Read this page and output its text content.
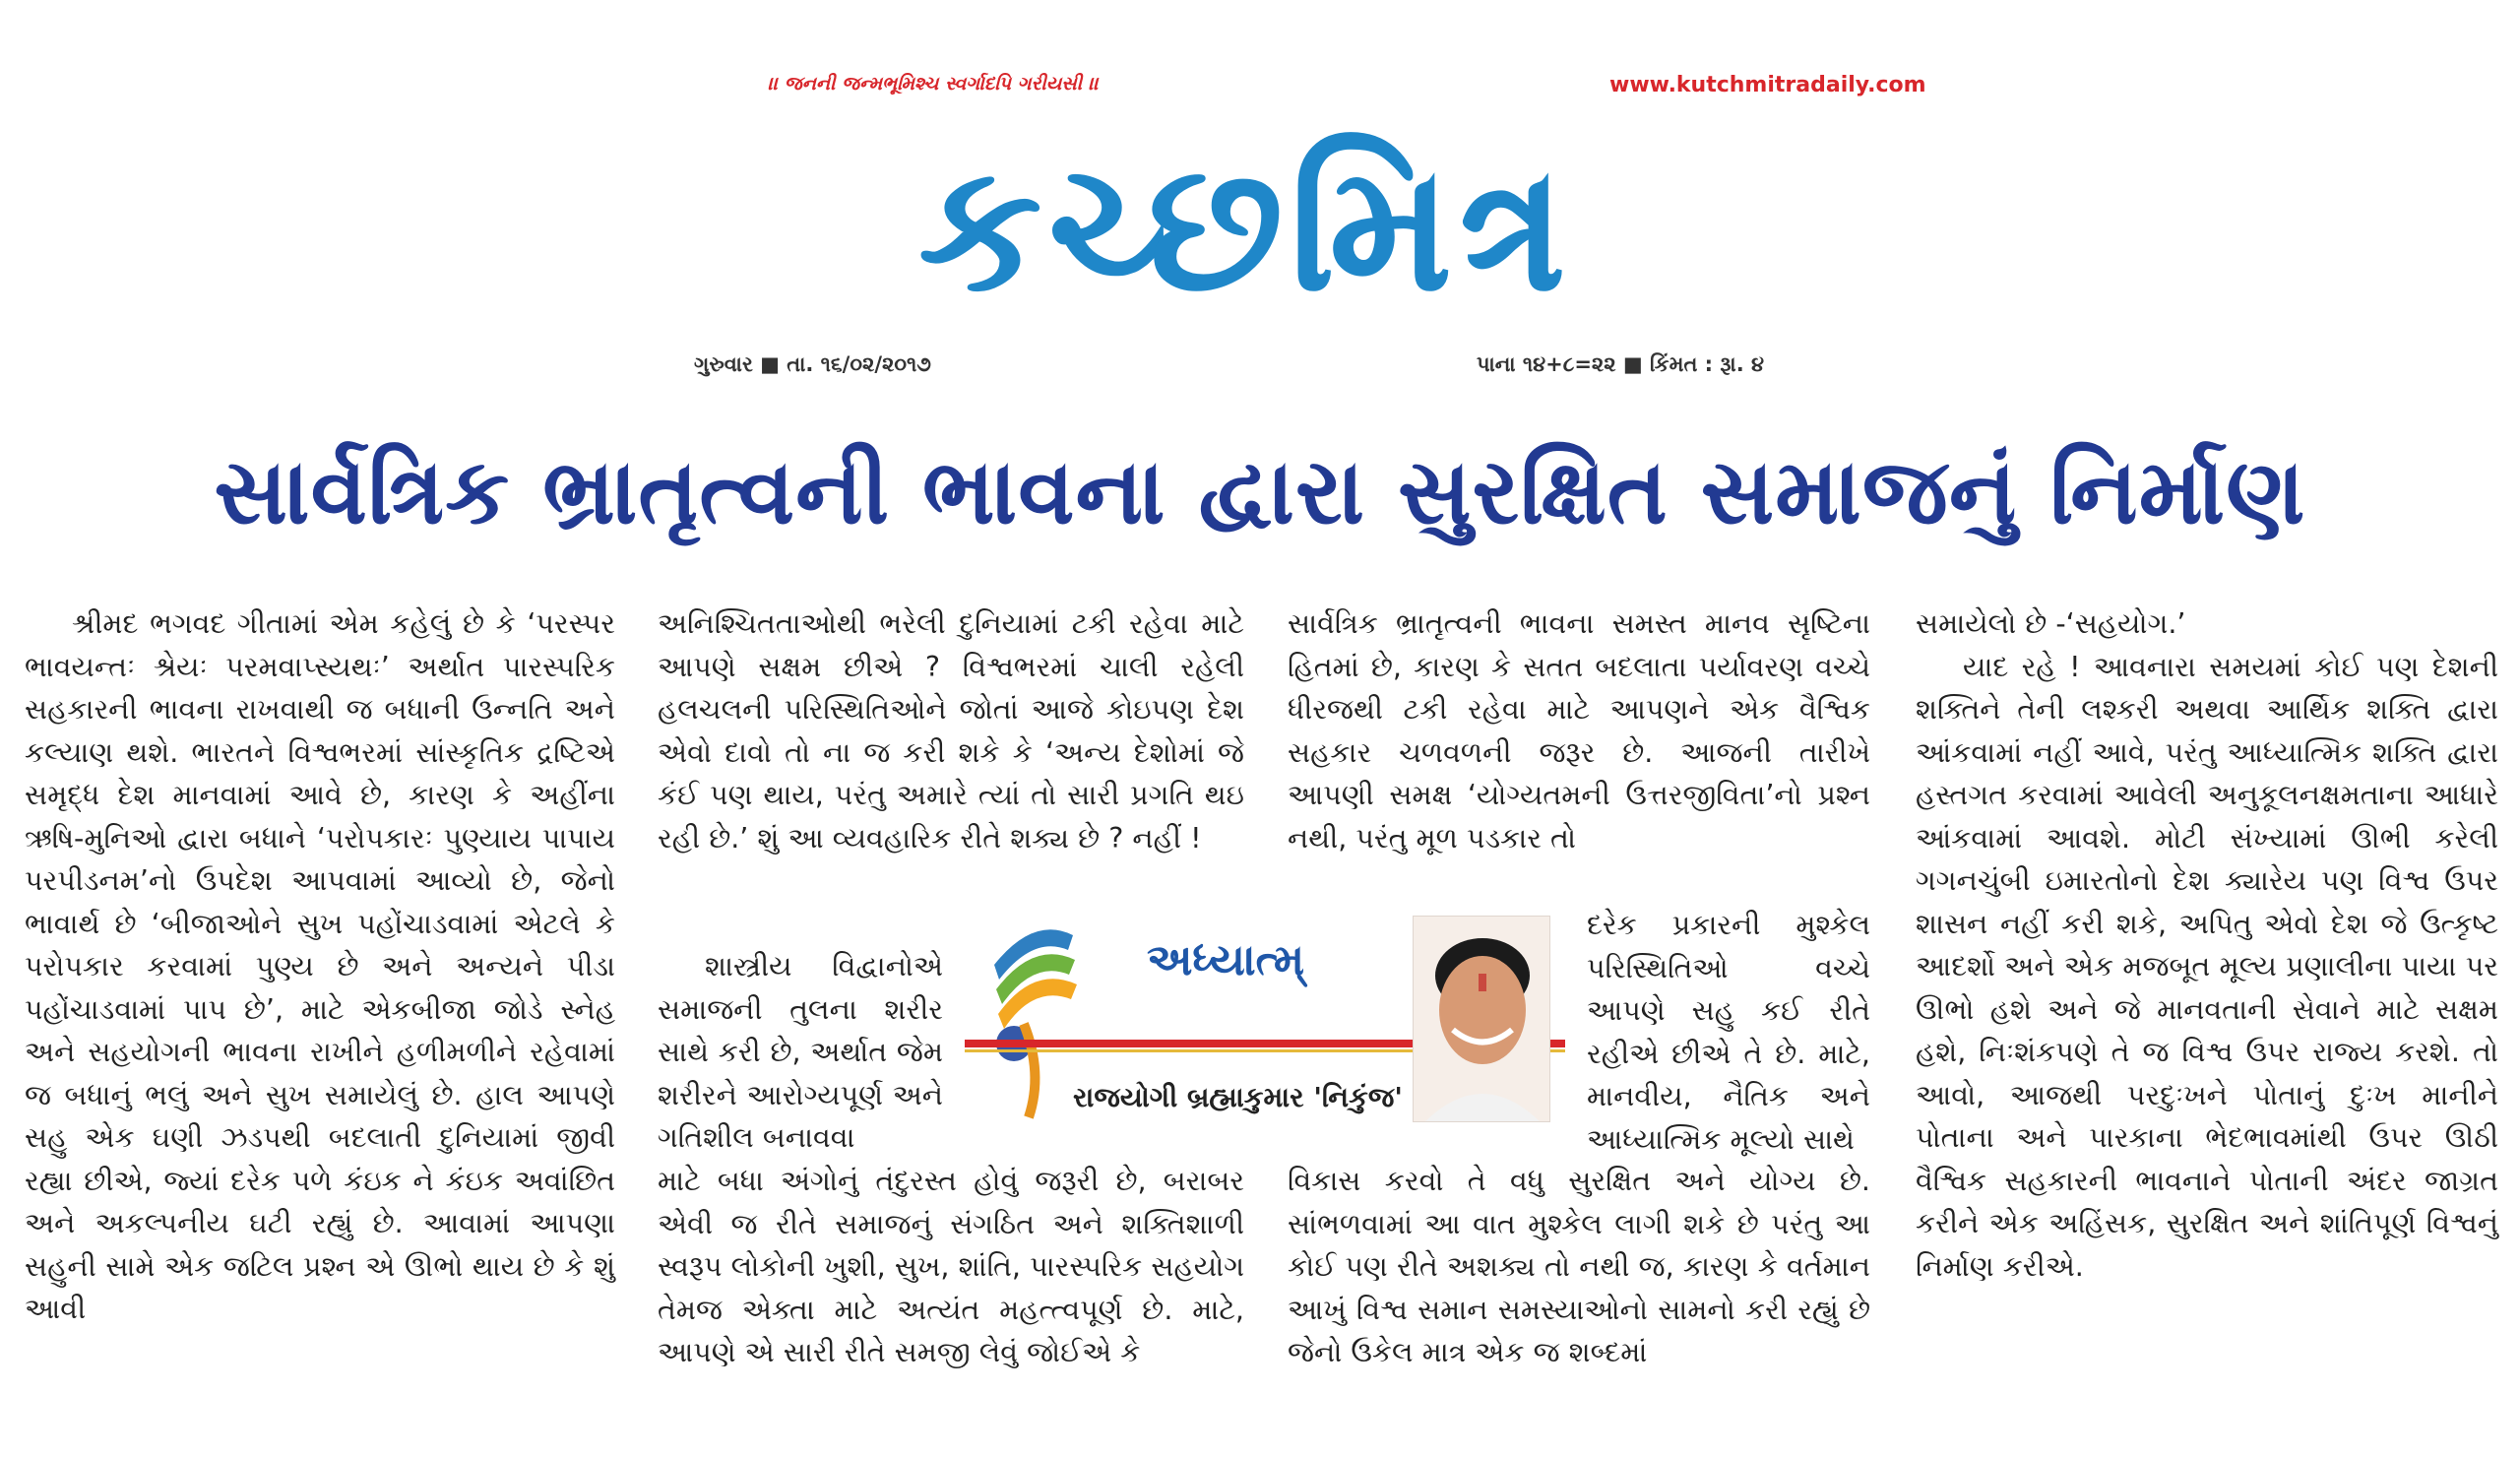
।। જનની જન્મભૂમિશ્ચ સ્વર્ગાદપિ ગરીયસી ।।	www.kutchmitradaily.com
કચ્છમિત્ર
ગુરુવાર ■ તા. ૧૬/૦૨/૨૦૧૭	પાના ૧૪+૮=૨૨ ■ કિંમત : રૂા. ૪
સાર્વત્રિક ભ્રાતૃત્વની ભાવના દ્વારા સુરક્ષિત સમાજનું નિર્માણ

શ્રીમદ ભગવદ ગીતામાં એમ કહેલું છે કે ‘પરસ્પર ભાવયન્તઃ શ્રેયઃ પરમવાપ્સ્યથઃ’ અર્થાત પારસ્પરિક સહકારની ભાવના રાખવાથી જ બધાની ઉન્નતિ અને કલ્યાણ થશે. ભારતને વિશ્વભરમાં સાંસ્કૃતિક દ્રષ્ટિએ સમૃદ્ધ દેશ માનવામાં આવે છે, કારણ કે અહીંના ઋષિ-મુનિઓ દ્વારા બધાને ‘પરોપકારઃ પુણ્યાય પાપાય પરપીડનમ’નો ઉપદેશ આપવામાં આવ્યો છે, જેનો ભાવાર્થ છે ‘બીજાઓને સુખ પહોંચાડવામાં એટલે કે પરોપકાર કરવામાં પુણ્ય છે અને અન્યને પીડા પહોંચાડવામાં પાપ છે’, માટે એકબીજા જોડે સ્નેહ અને સહયોગની ભાવના રાખીને હળીમળીને રહેવામાં જ બધાનું ભલું અને સુખ સમાયેલું છે. હાલ આપણે સહુ એક ઘણી ઝડપથી બદલાતી દુનિયામાં જીવી રહ્યા છીએ, જ્યાં દરેક પળે કંઇક ને કંઇક અવાંછિત અને અકલ્પનીય ઘટી રહ્યું છે. આવામાં આપણા સહુની સામે એક જટિલ પ્રશ્ન એ ઊભો થાય છે કે શું આવી

અનિશ્ચિતતાઓથી ભરેલી દુનિયામાં ટકી રહેવા માટે આપણે સક્ષમ છીએ ? વિશ્વભરમાં ચાલી રહેલી હલચલની પરિસ્થિતિઓને જોતાં આજે કોઇપણ દેશ એવો દાવો તો ના જ કરી શકે કે ‘અન્ય દેશોમાં જે કંઈ પણ થાય, પરંતુ અમારે ત્યાં તો સારી પ્રગતિ થઇ રહી છે.’ શું આ વ્યવહારિક રીતે શક્ય છે ? નહીં !

શાસ્ત્રીય વિદ્વાનોએ સમાજની તુલના શરીર સાથે કરી છે, અર્થાત જેમ શરીરને આરોગ્યપૂર્ણ અને ગતિશીલ બનાવવા

માટે બધા અંગોનું તંદુરસ્ત હોવું જરૂરી છે, બરાબર એવી જ રીતે સમાજનું સંગઠિત અને શક્તિશાળી સ્વરૂપ લોકોની ખુશી, સુખ, શાંતિ, પારસ્પરિક સહયોગ તેમજ એક્તા માટે અત્યંત મહત્ત્વપૂર્ણ છે. માટે, આપણે એ સારી રીતે સમજી લેવું જોઈએ કે

સાર્વત્રિક ભ્રાતૃત્વની ભાવના સમસ્ત માનવ સૃષ્ટિના હિતમાં છે, કારણ કે સતત બદલાતા પર્યાવરણ વચ્ચે ધીરજથી ટકી રહેવા માટે આપણને એક વૈશ્વિક સહકાર ચળવળની જરૂર છે. આજની તારીખે આપણી સમક્ષ ‘યોગ્યતમની ઉત્તરજીવિતા’નો પ્રશ્ન નથી, પરંતુ મૂળ પડકાર તો

દરેક પ્રકારની મુશ્કેલ પરિસ્થિતિઓ વચ્ચે આપણે સહુ કઈ રીતે રહીએ છીએ તે છે. માટે, માનવીય, નૈતિક અને આધ્યાત્મિક મૂલ્યો સાથે

વિકાસ કરવો તે વધુ સુરક્ષિત અને યોગ્ય છે. સાંભળવામાં આ વાત મુશ્કેલ લાગી શકે છે પરંતુ આ કોઈ પણ રીતે અશક્ય તો નથી જ, કારણ કે વર્તમાન આખું વિશ્વ સમાન સમસ્યાઓનો સામનો કરી રહ્યું છે જેનો ઉકેલ માત્ર એક જ શબ્દમાં

સમાયેલો છે -‘સહયોગ.’

યાદ રહે ! આવનારા સમયમાં કોઈ પણ દેશની શક્તિને તેની લશ્કરી અથવા આર્થિક શક્તિ દ્વારા આંકવામાં નહીં આવે, પરંતુ આધ્યાત્મિક શક્તિ દ્વારા હસ્તગત કરવામાં આવેલી અનુકૂલનક્ષમતાના આધારે આંકવામાં આવશે. મોટી સંખ્યામાં ઊભી કરેલી ગગનચુંબી ઇમારતોનો દેશ ક્યારેય પણ વિશ્વ ઉપર શાસન નહીં કરી શકે, અપિતુ એવો દેશ જે ઉત્કૃષ્ટ આદર્શો અને એક મજબૂત મૂલ્ય પ્રણાલીના પાયા પર ઊભો હશે અને જે માનવતાની સેવાને માટે સક્ષમ હશે, નિઃશંકપણે તે જ વિશ્વ ઉપર રાજ્ય કરશે. તો આવો, આજથી પરદુઃખને પોતાનું દુઃખ માનીને પોતાના અને પારકાના ભેદભાવમાંથી ઉપર ઊઠી વૈશ્વિક સહકારની ભાવનાને પોતાની અંદર જાગ્રત કરીને એક અહિંસક, સુરક્ષિત અને શાંતિપૂર્ણ વિશ્વનું નિર્માણ કરીએ.

અધ્યાત્મ્
રાજયોગી બ્રહ્માકુમાર 'નિકુંજ'
